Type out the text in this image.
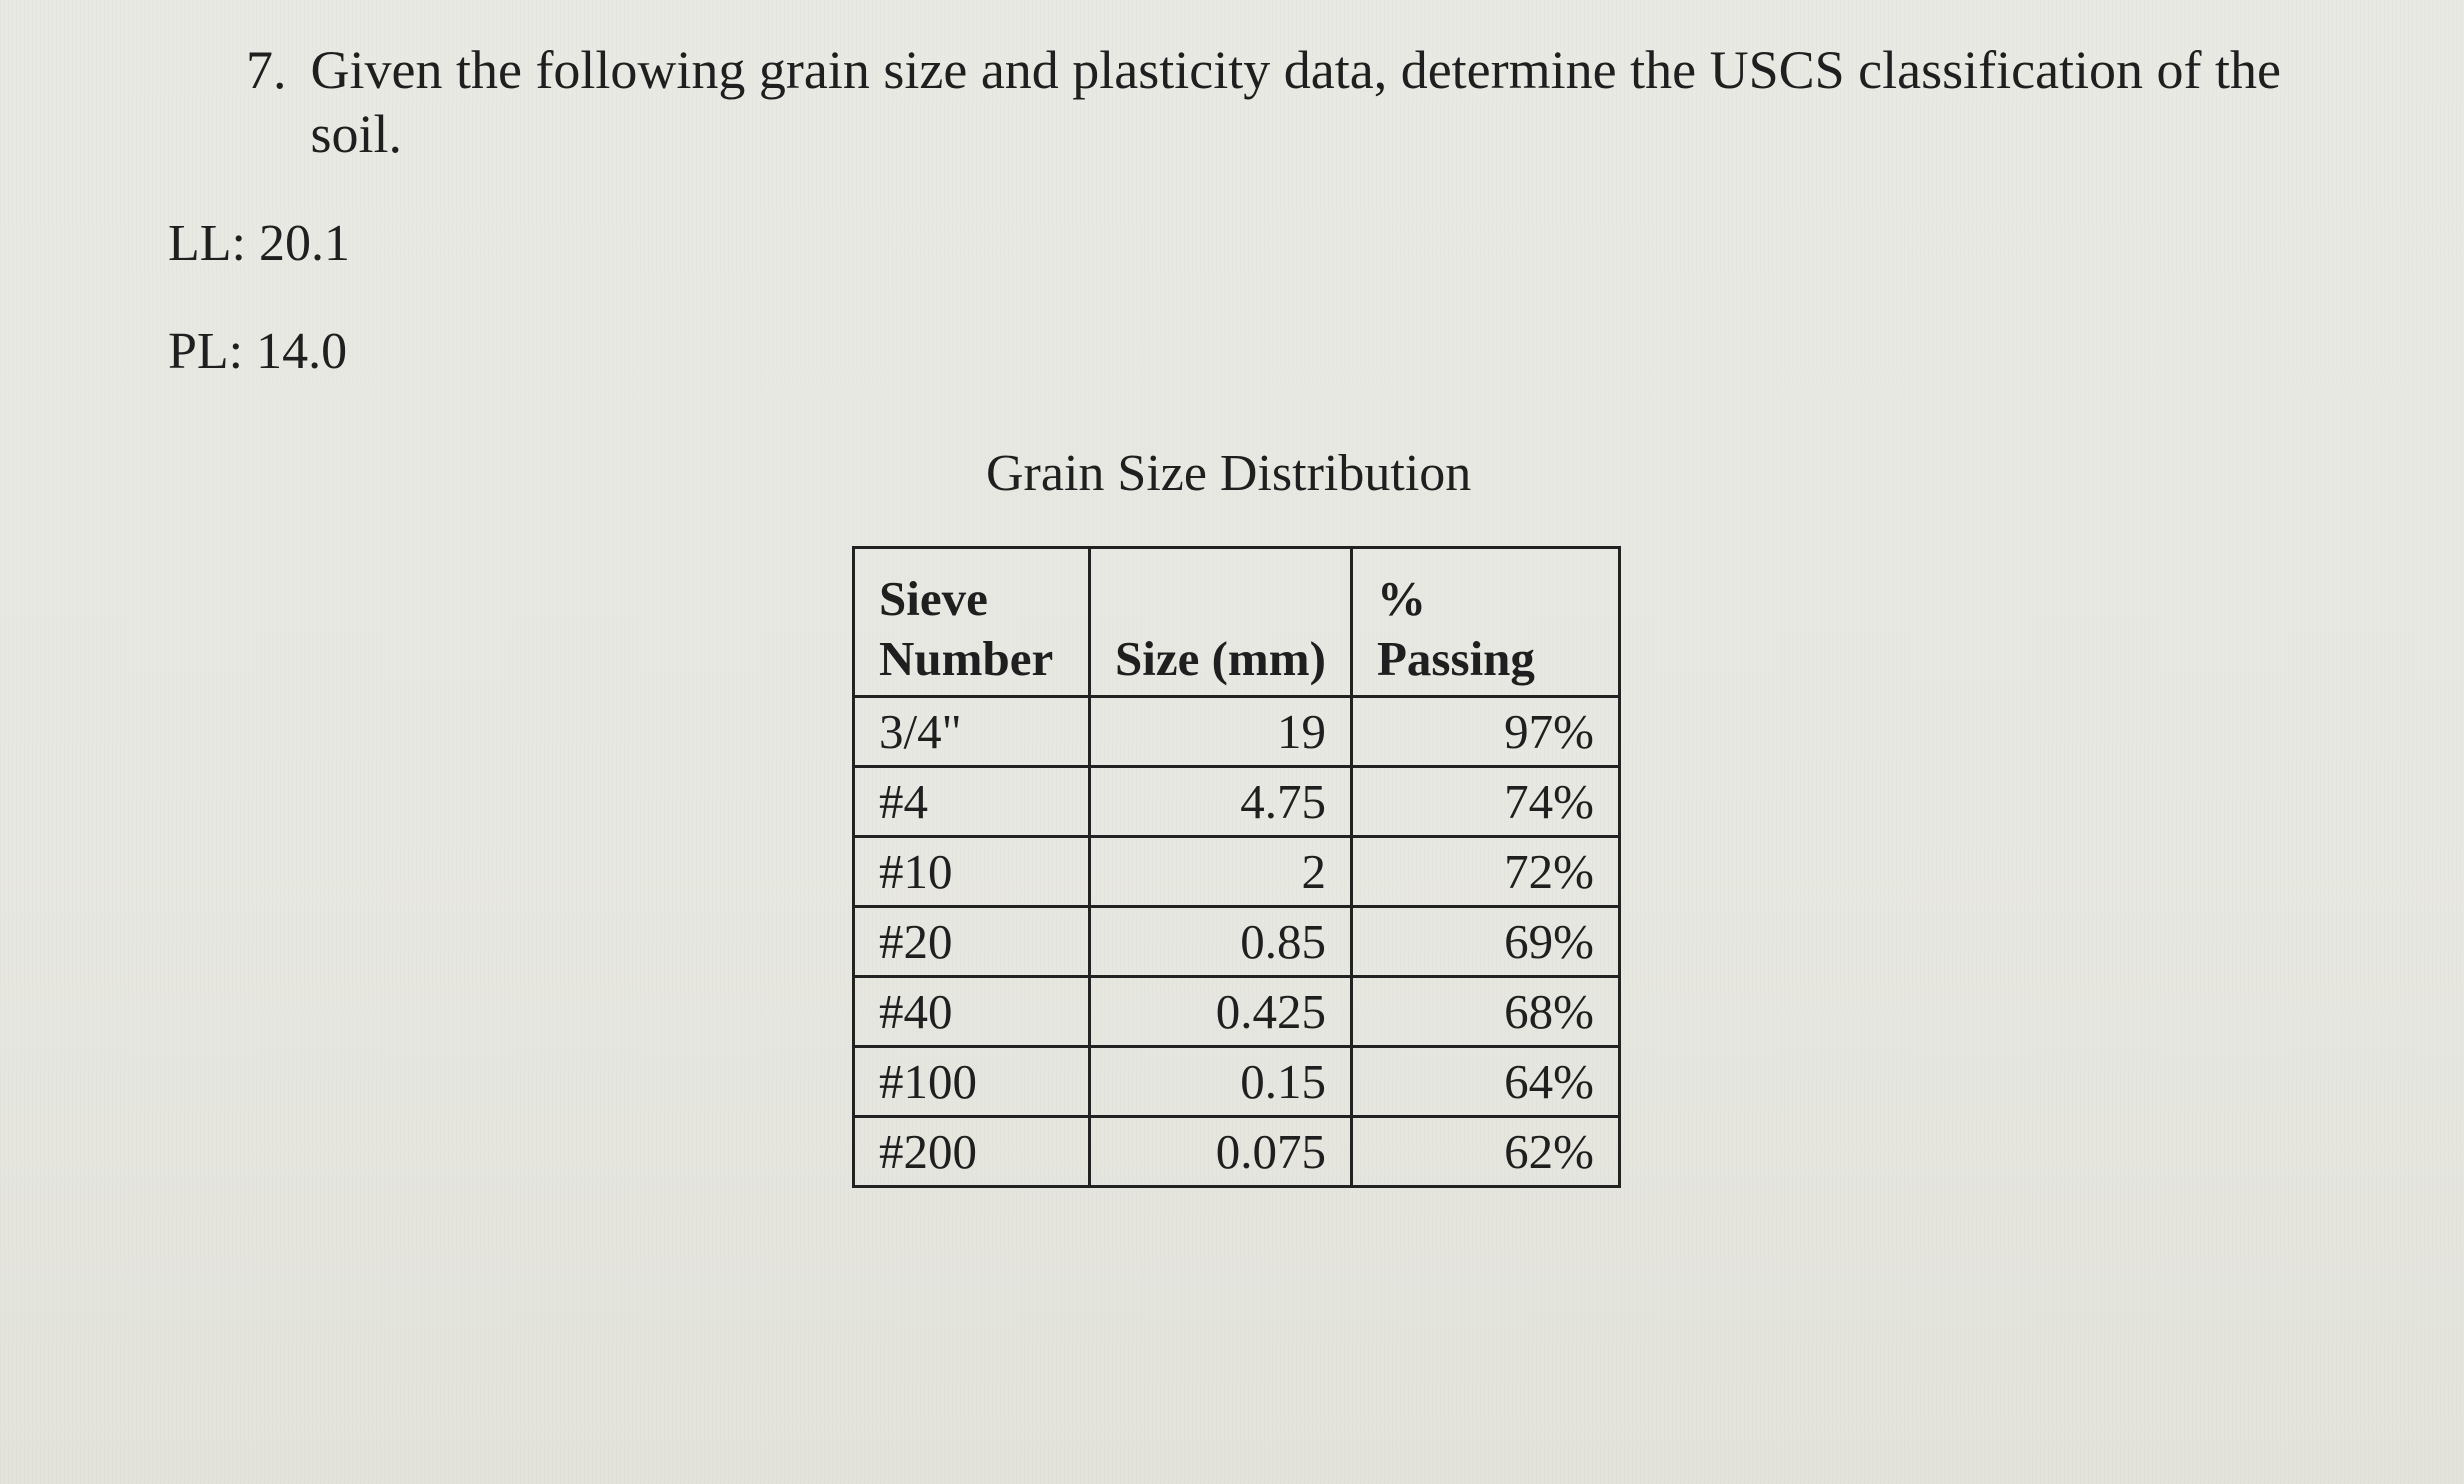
7. Given the following grain size and plasticity data, determine the USCS classification of the soil.
LL: 20.1
PL: 14.0
Grain Size Distribution
Sieve Number	Size (mm)	% Passing
3/4"	19	97%
#4	4.75	74%
#10	2	72%
#20	0.85	69%
#40	0.425	68%
#100	0.15	64%
#200	0.075	62%
